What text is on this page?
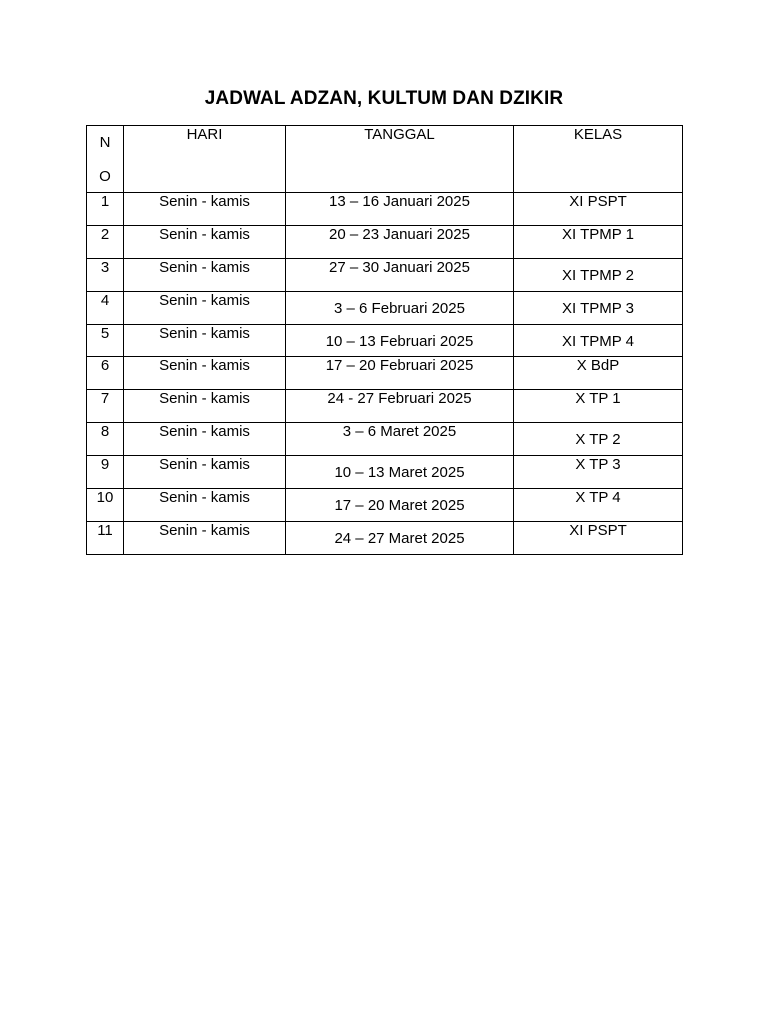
JADWAL ADZAN, KULTUM DAN DZIKIR
N
O	HARI	TANGGAL	KELAS

1	Senin - kamis	13 – 16 Januari 2025	XI PSPT

2	Senin - kamis	20 – 23 Januari 2025	XI TPMP 1

3	Senin - kamis	27 – 30 Januari 2025	XI TPMP 2

4	Senin - kamis	3 – 6 Februari 2025	XI TPMP 3

5	Senin - kamis	10 – 13 Februari 2025	XI TPMP 4

6	Senin - kamis	17 – 20 Februari 2025	X BdP

7	Senin - kamis	24 - 27 Februari 2025	X TP 1

8	Senin - kamis	3 – 6 Maret 2025	X TP 2

9	Senin - kamis	10 – 13 Maret 2025	X TP 3

10	Senin - kamis	17 – 20 Maret 2025	X TP 4

11	Senin - kamis	24 – 27 Maret 2025	XI PSPT
